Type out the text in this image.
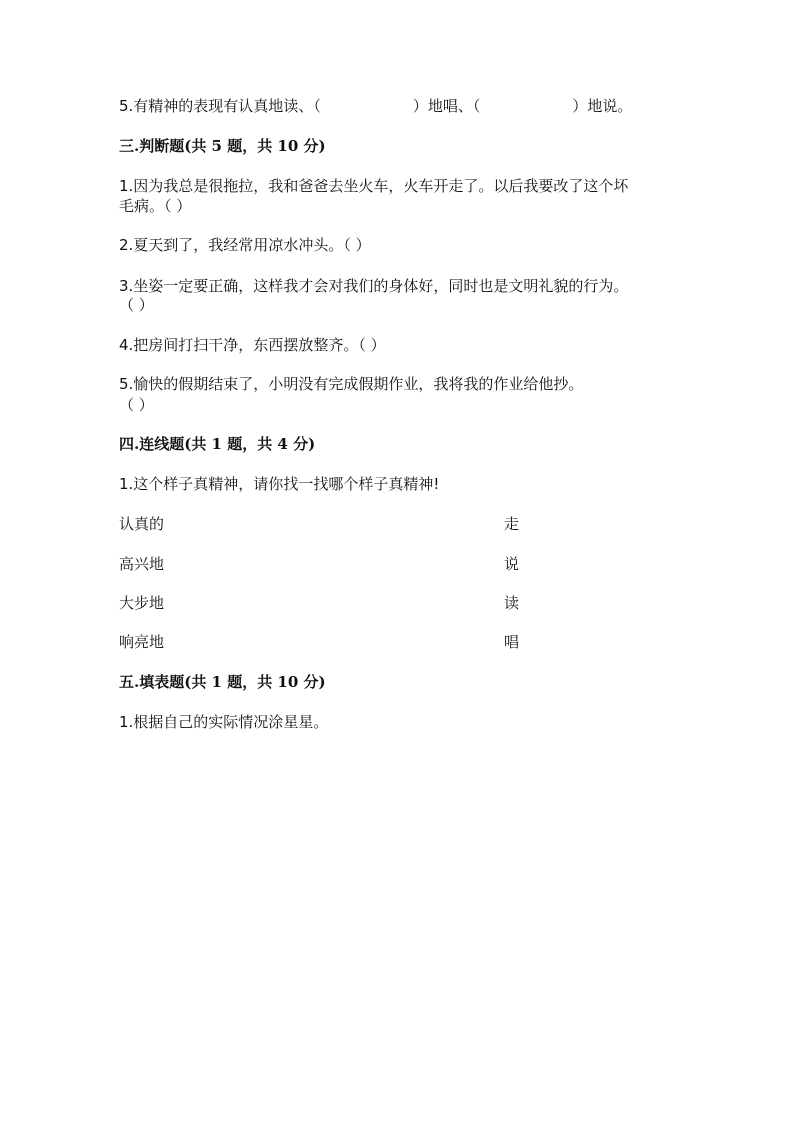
5.有精神的表现有认真地读、（	）地唱、（	）地说。
三.判断题(共 5 题，共 10 分)
1.因为我总是很拖拉，我和爸爸去坐火车，火车开走了。以后我要改了这个坏
毛病。（ ）
2.夏天到了，我经常用凉水冲头。（ ）
3.坐姿一定要正确，这样我才会对我们的身体好，同时也是文明礼貌的行为。
（ ）
4.把房间打扫干净，东西摆放整齐。（ ）
5.愉快的假期结束了，小明没有完成假期作业，我将我的作业给他抄。
（ ）
四.连线题(共 1 题，共 4 分)
1.这个样子真精神，请你找一找哪个样子真精神!
认真的	走
高兴地	说
大步地	读
响亮地	唱
五.填表题(共 1 题，共 10 分)
1.根据自己的实际情况涂星星。
